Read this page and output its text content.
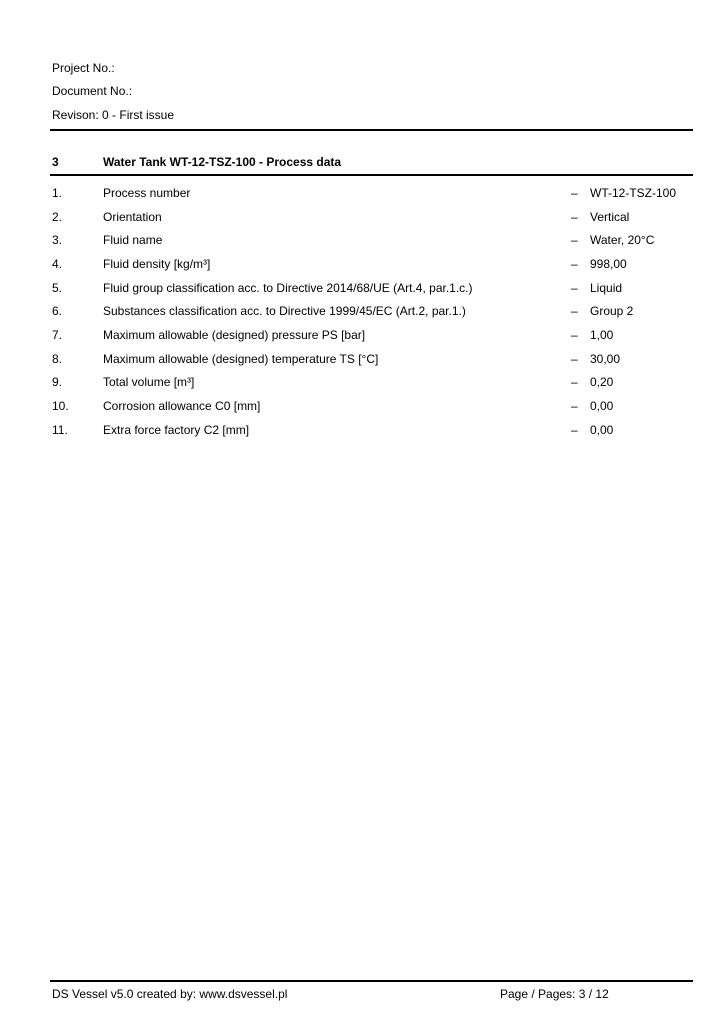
Project No.:
Document No.:
Revison: 0 - First issue
3	Water Tank WT-12-TSZ-100 - Process data
1.	Process number	–	WT-12-TSZ-100
2.	Orientation	–	Vertical
3.	Fluid name	–	Water, 20°C
4.	Fluid density [kg/m³]	–	998,00
5.	Fluid group classification acc. to Directive 2014/68/UE (Art.4, par.1.c.)	–	Liquid
6.	Substances classification acc. to Directive 1999/45/EC (Art.2, par.1.)	–	Group 2
7.	Maximum allowable (designed) pressure PS [bar]	–	1,00
8.	Maximum allowable (designed) temperature TS [°C]	–	30,00
9.	Total volume [m³]	–	0,20
10.	Corrosion allowance C0 [mm]	–	0,00
11.	Extra force factory C2 [mm]	–	0,00
DS Vessel v5.0 created by: www.dsvessel.pl	Page / Pages: 3 / 12
